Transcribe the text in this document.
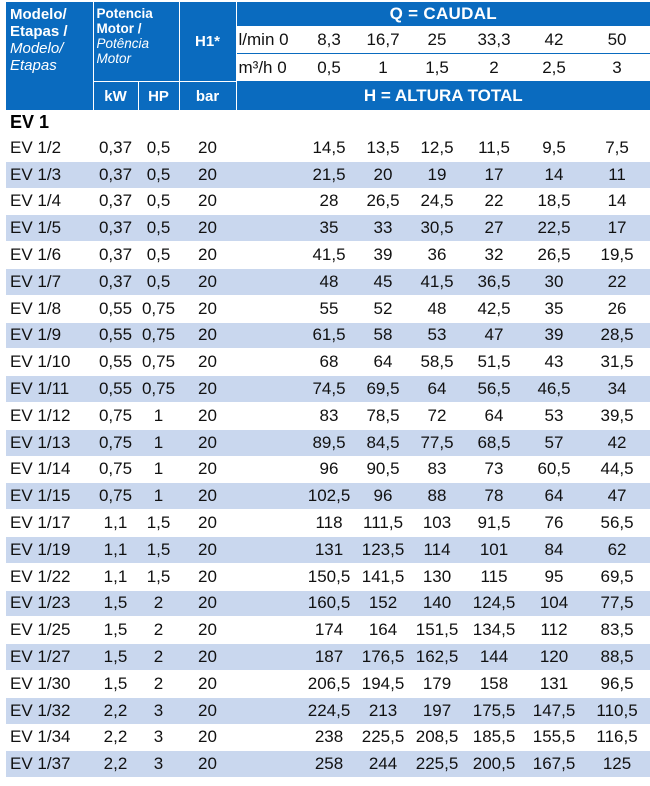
Modelo/ Etapas /
Modelo/ Etapas	Potencia Motor /
Potência Motor		H1*	Q = CAUDAL						
				l/min 0	8,3	16,7	25	33,3	42	50
				m³/h 0	0,5	1	1,5	2	2,5	3
	kW	HP	bar	H = ALTURA TOTAL						
EV 1										
EV 1/2	0,37	0,5	20		14,5	13,5	12,5	11,5	9,5	7,5
EV 1/3	0,37	0,5	20		21,5	20	19	17	14	11
EV 1/4	0,37	0,5	20		28	26,5	24,5	22	18,5	14
EV 1/5	0,37	0,5	20		35	33	30,5	27	22,5	17
EV 1/6	0,37	0,5	20		41,5	39	36	32	26,5	19,5
EV 1/7	0,37	0,5	20		48	45	41,5	36,5	30	22
EV 1/8	0,55	0,75	20		55	52	48	42,5	35	26
EV 1/9	0,55	0,75	20		61,5	58	53	47	39	28,5
EV 1/10	0,55	0,75	20		68	64	58,5	51,5	43	31,5
EV 1/11	0,55	0,75	20		74,5	69,5	64	56,5	46,5	34
EV 1/12	0,75	1	20		83	78,5	72	64	53	39,5
EV 1/13	0,75	1	20		89,5	84,5	77,5	68,5	57	42
EV 1/14	0,75	1	20		96	90,5	83	73	60,5	44,5
EV 1/15	0,75	1	20		102,5	96	88	78	64	47
EV 1/17	1,1	1,5	20		118	111,5	103	91,5	76	56,5
EV 1/19	1,1	1,5	20		131	123,5	114	101	84	62
EV 1/22	1,1	1,5	20		150,5	141,5	130	115	95	69,5
EV 1/23	1,5	2	20		160,5	152	140	124,5	104	77,5
EV 1/25	1,5	2	20		174	164	151,5	134,5	112	83,5
EV 1/27	1,5	2	20		187	176,5	162,5	144	120	88,5
EV 1/30	1,5	2	20		206,5	194,5	179	158	131	96,5
EV 1/32	2,2	3	20		224,5	213	197	175,5	147,5	110,5
EV 1/34	2,2	3	20		238	225,5	208,5	185,5	155,5	116,5
EV 1/37	2,2	3	20		258	244	225,5	200,5	167,5	125
